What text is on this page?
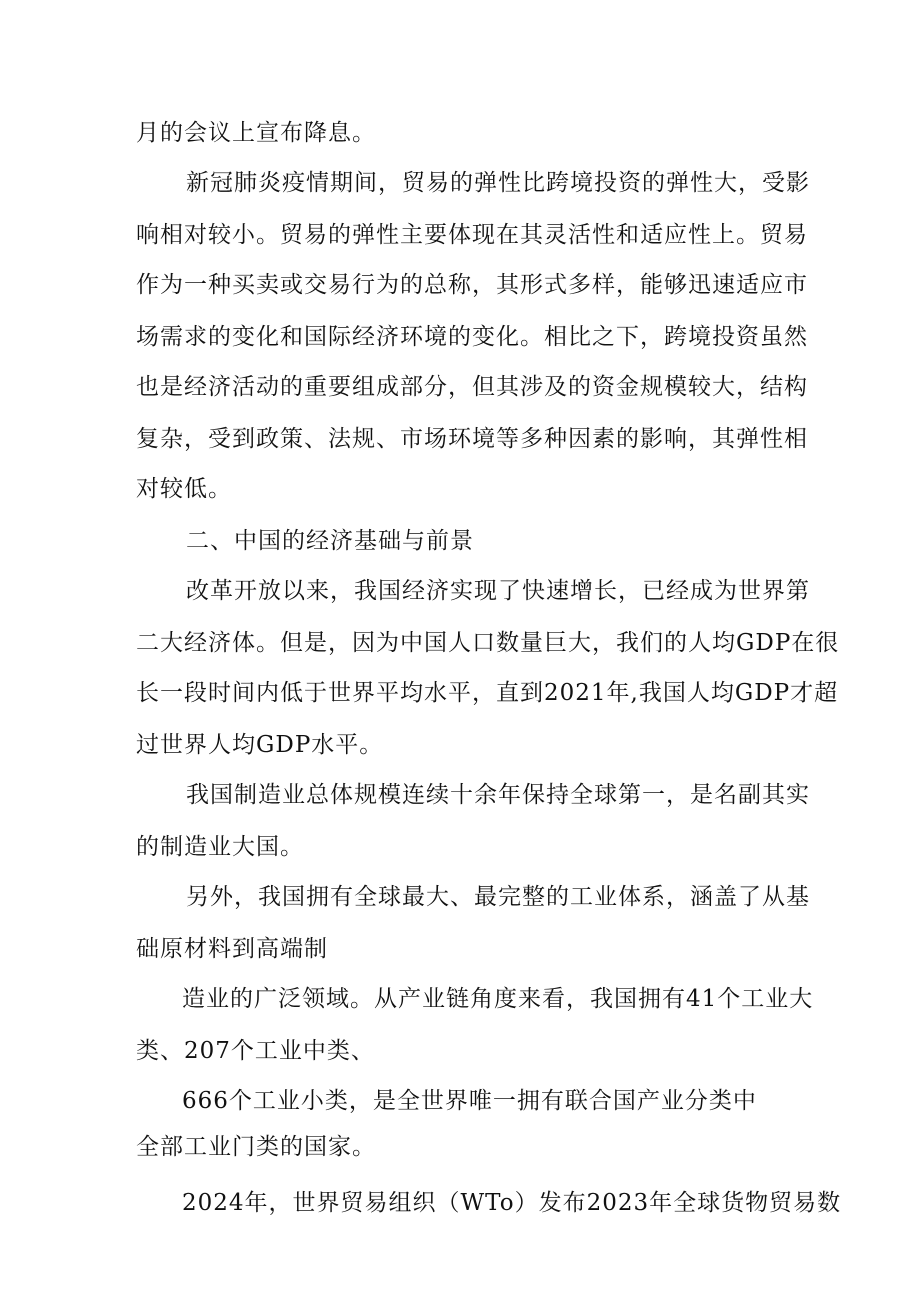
月的会议上宣布降息。
新冠肺炎疫情期间，贸易的弹性比跨境投资的弹性大，受影
响相对较小。贸易的弹性主要体现在其灵活性和适应性上。贸易
作为一种买卖或交易行为的总称，其形式多样，能够迅速适应市
场需求的变化和国际经济环境的变化。相比之下，跨境投资虽然
也是经济活动的重要组成部分，但其涉及的资金规模较大，结构
复杂，受到政策、法规、市场环境等多种因素的影响，其弹性相
对较低。
二、中国的经济基础与前景
改革开放以来，我国经济实现了快速增长，已经成为世界第
二大经济体。但是，因为中国人口数量巨大，我们的人均GDP在很
长一段时间内低于世界平均水平，直到2021年,我国人均GDP才超
过世界人均GDP水平。
我国制造业总体规模连续十余年保持全球第一，是名副其实
的制造业大国。
另外，我国拥有全球最大、最完整的工业体系，涵盖了从基
础原材料到高端制
造业的广泛领域。从产业链角度来看，我国拥有41个工业大
类、207个工业中类、
666个工业小类，是全世界唯一拥有联合国产业分类中
全部工业门类的国家。
2024年，世界贸易组织（WTo）发布2023年全球货物贸易数
